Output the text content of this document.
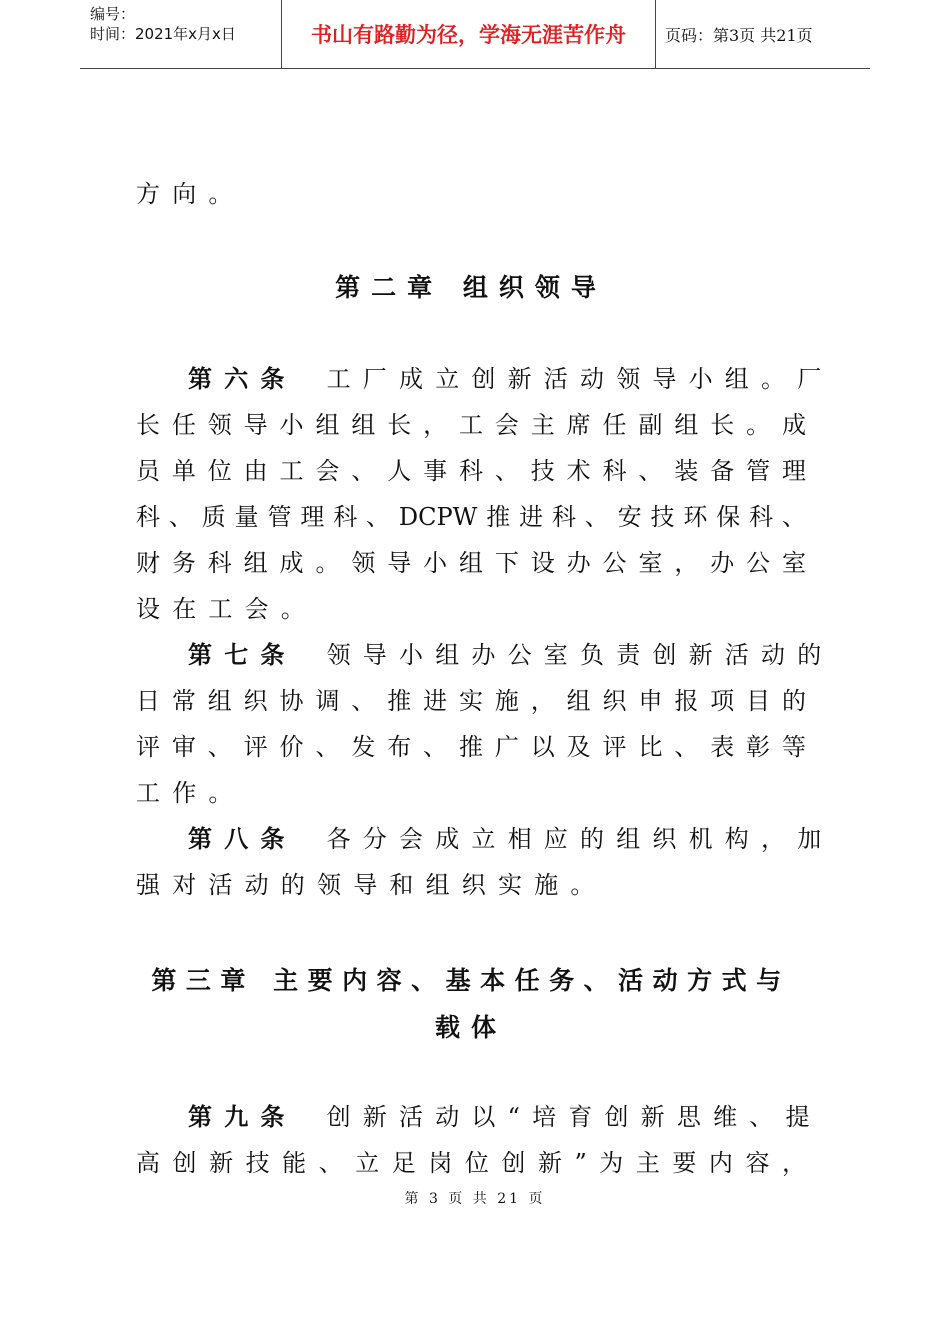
编号：
时间：2021年x月x日	书山有路勤为径，学海无涯苦作舟	页码：第3页 共21页
方向。
第二章 组织领导
第六条 工厂成立创新活动领导小组。厂
长任领导小组组长，工会主席任副组长。成
员单位由工会、人事科、技术科、装备管理
科、质量管理科、DCPW推进科、安技环保科、
财务科组成。领导小组下设办公室，办公室
设在工会。
第七条 领导小组办公室负责创新活动的
日常组织协调、推进实施，组织申报项目的
评审、评价、发布、推广以及评比、表彰等
工作。
第八条 各分会成立相应的组织机构，加
强对活动的领导和组织实施。
第三章 主要内容、基本任务、活动方式与
载体
第九条 创新活动以“培育创新思维、提
高创新技能、立足岗位创新”为主要内容，
第 3 页 共 21 页
